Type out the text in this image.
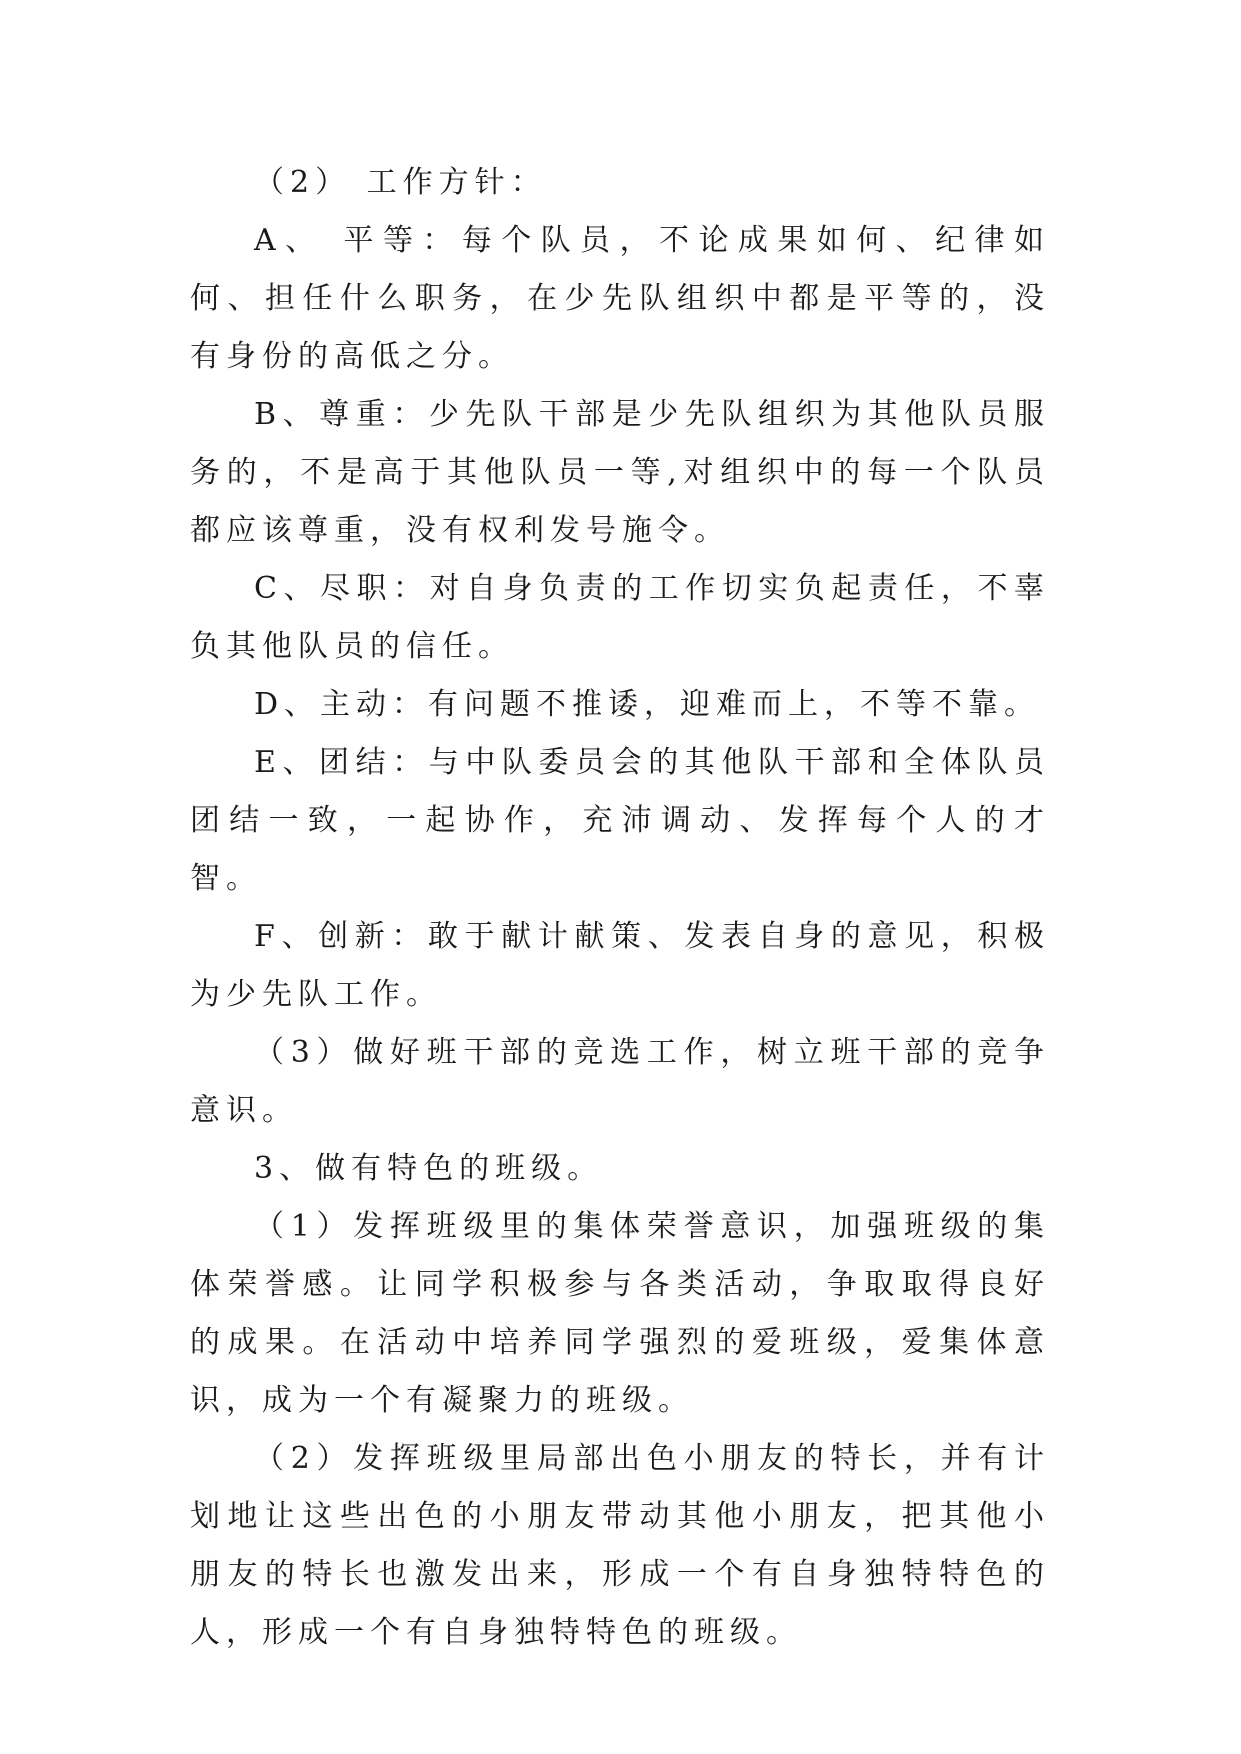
（2） 工作方针：

A、 平等：每个队员，不论成果如何、纪律如何、担任什么职务，在少先队组织中都是平等的，没有身份的高低之分。

B、尊重：少先队干部是少先队组织为其他队员服务的，不是高于其他队员一等,对组织中的每一个队员都应该尊重，没有权利发号施令。

C、尽职：对自身负责的工作切实负起责任，不辜负其他队员的信任。

D、主动：有问题不推诿，迎难而上，不等不靠。

E、团结：与中队委员会的其他队干部和全体队员团结一致，一起协作，充沛调动、发挥每个人的才智。

F、创新：敢于献计献策、发表自身的意见，积极为少先队工作。

（3）做好班干部的竞选工作，树立班干部的竞争意识。

3、做有特色的班级。

（1）发挥班级里的集体荣誉意识，加强班级的集体荣誉感。让同学积极参与各类活动，争取取得良好的成果。在活动中培养同学强烈的爱班级，爱集体意识，成为一个有凝聚力的班级。

（2）发挥班级里局部出色小朋友的特长，并有计划地让这些出色的小朋友带动其他小朋友，把其他小朋友的特长也激发出来，形成一个有自身独特特色的人，形成一个有自身独特特色的班级。
